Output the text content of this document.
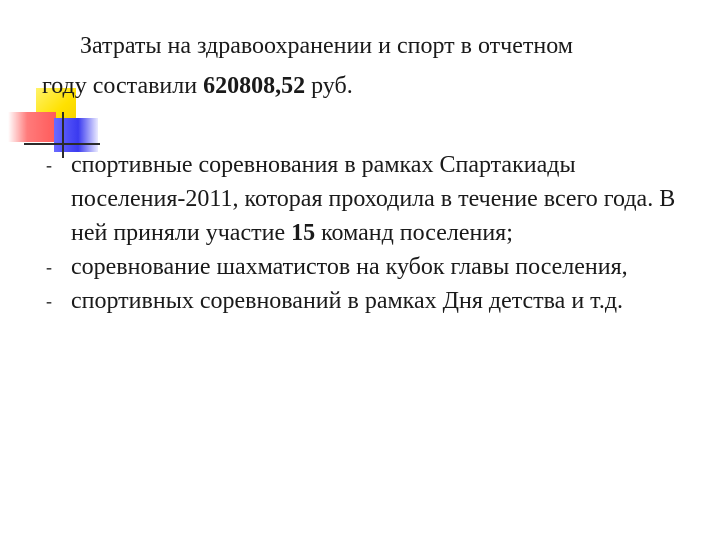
Затраты на здравоохранении и спорт в отчетном
году составили 620808,52 руб.

- спортивные соревнования в рамках Спартакиады поселения-2011, которая проходила в течение всего года. В ней приняли участие 15 команд поселения;
- соревнование шахматистов на кубок главы поселения,
- спортивных соревнований в рамках Дня детства и т.д.
